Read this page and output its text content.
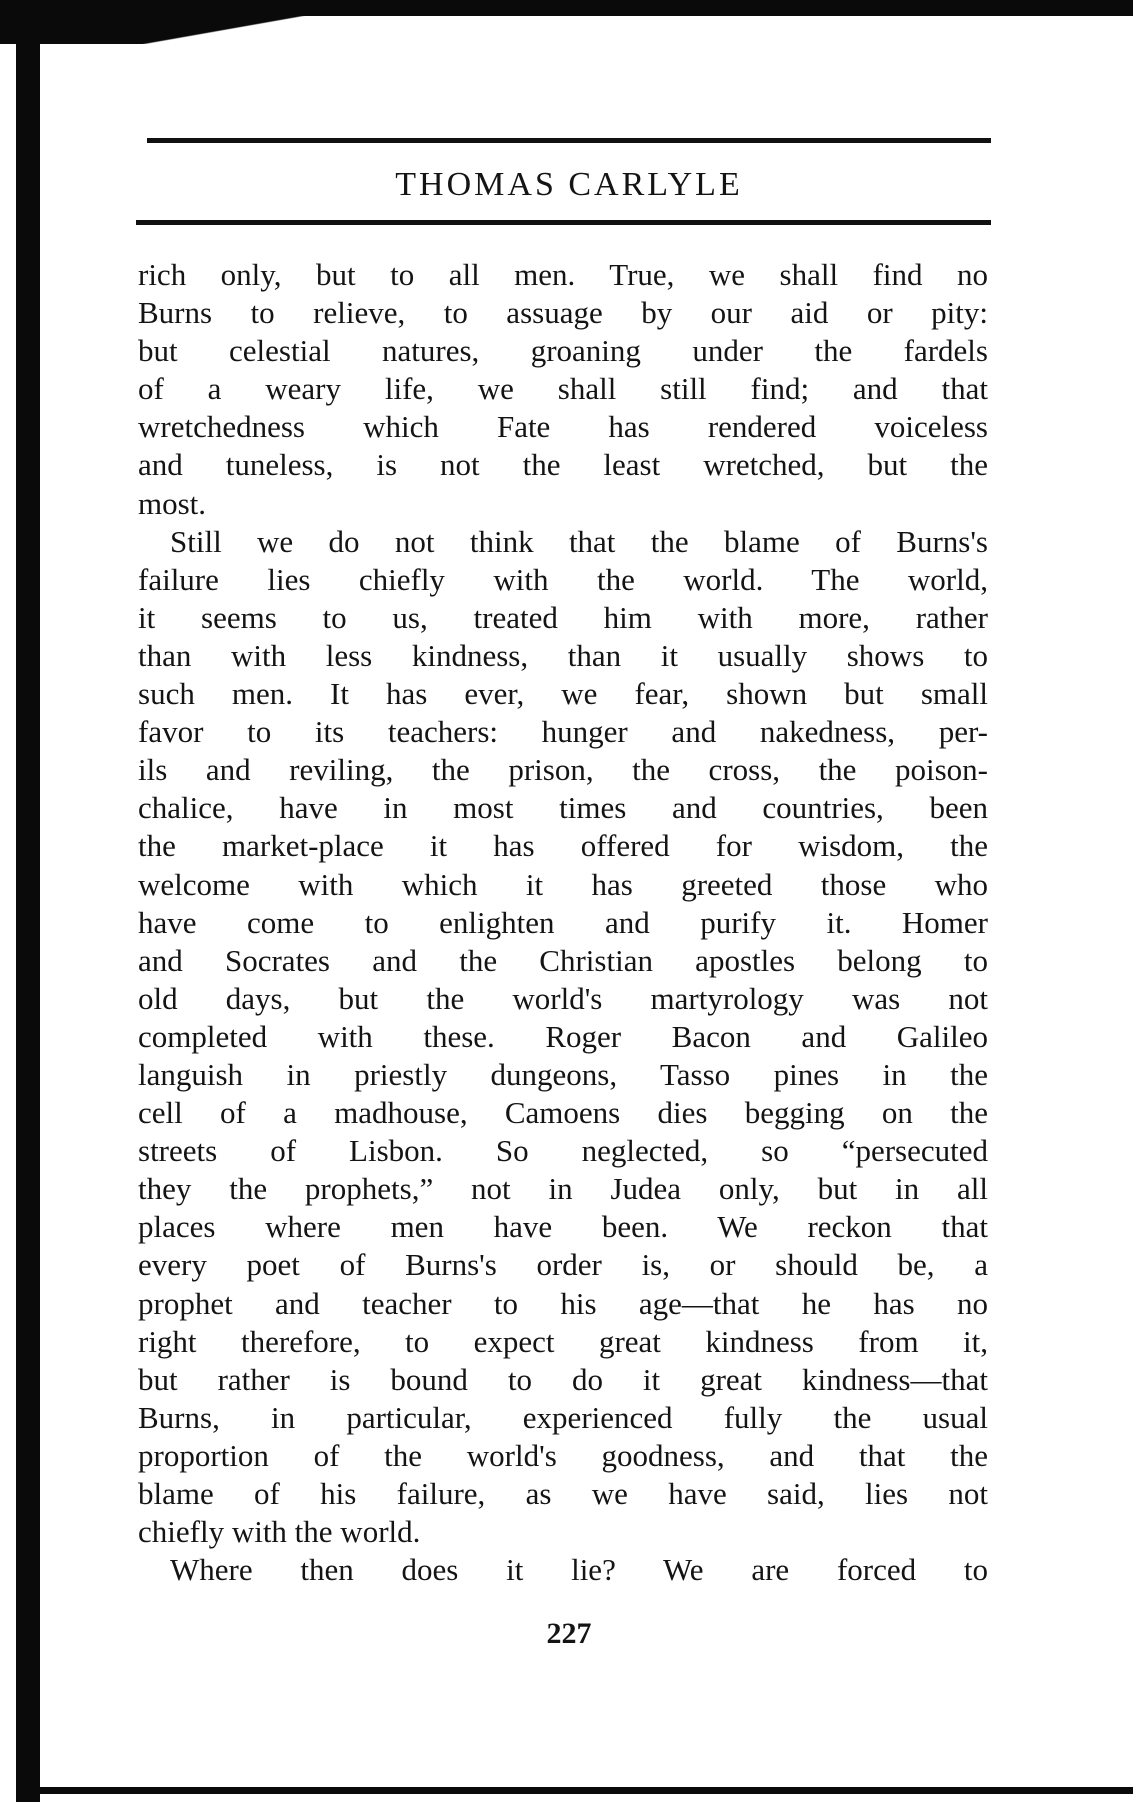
THOMAS CARLYLE
rich only, but to all men. True, we shall find no
Burns to relieve, to assuage by our aid or pity:
but celestial natures, groaning under the fardels
of a weary life, we shall still find; and that
wretchedness which Fate has rendered voiceless
and tuneless, is not the least wretched, but the
most.
Still we do not think that the blame of Burns's
failure lies chiefly with the world. The world,
it seems to us, treated him with more, rather
than with less kindness, than it usually shows to
such men. It has ever, we fear, shown but small
favor to its teachers: hunger and nakedness, per-
ils and reviling, the prison, the cross, the poison-
chalice, have in most times and countries, been
the market-place it has offered for wisdom, the
welcome with which it has greeted those who
have come to enlighten and purify it. Homer
and Socrates and the Christian apostles belong to
old days, but the world's martyrology was not
completed with these. Roger Bacon and Galileo
languish in priestly dungeons, Tasso pines in the
cell of a madhouse, Camoens dies begging on the
streets of Lisbon. So neglected, so “persecuted
they the prophets,” not in Judea only, but in all
places where men have been. We reckon that
every poet of Burns's order is, or should be, a
prophet and teacher to his age—that he has no
right therefore, to expect great kindness from it,
but rather is bound to do it great kindness—that
Burns, in particular, experienced fully the usual
proportion of the world's goodness, and that the
blame of his failure, as we have said, lies not
chiefly with the world.
Where then does it lie? We are forced to
227
